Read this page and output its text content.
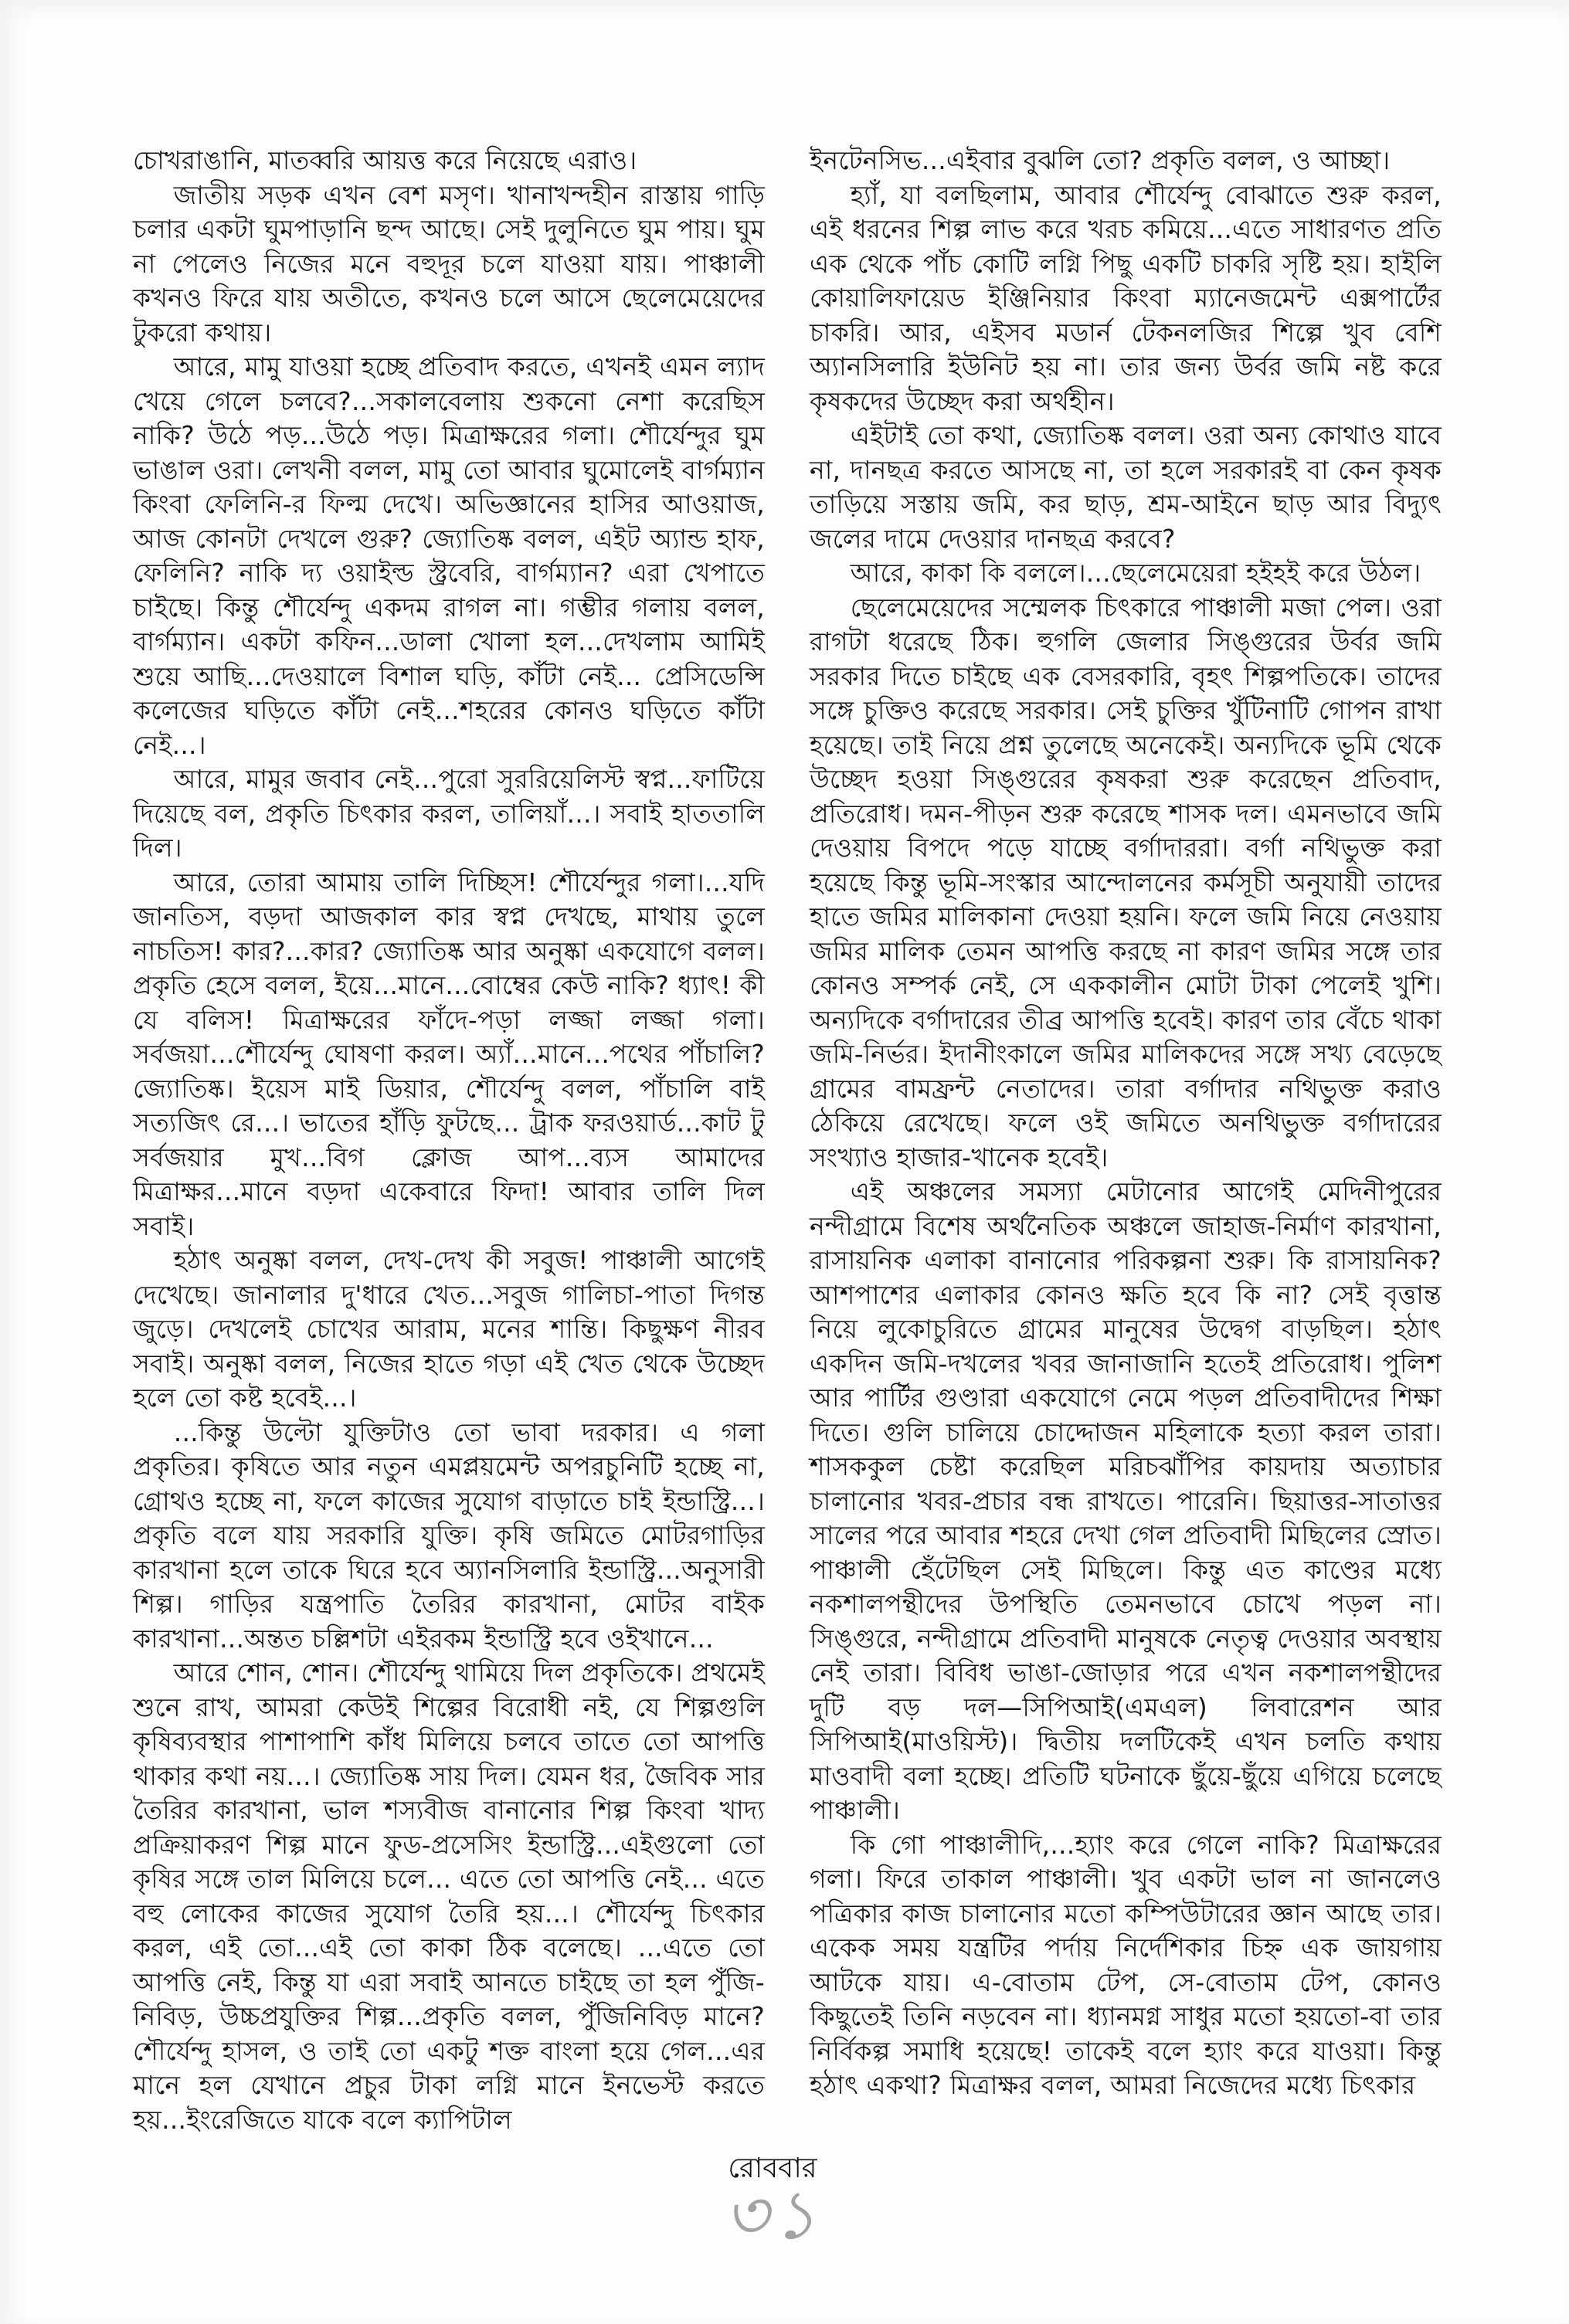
চোখরাঙানি, মাতব্বরি আয়ত্ত করে নিয়েছে এরাও।

জাতীয় সড়ক এখন বেশ মসৃণ। খানাখন্দহীন রাস্তায় গাড়ি চলার একটা ঘুমপাড়ানি ছন্দ আছে। সেই দুলুনিতে ঘুম পায়। ঘুম না পেলেও নিজের মনে বহুদূর চলে যাওয়া যায়। পাঞ্চালী কখনও ফিরে যায় অতীতে, কখনও চলে আসে ছেলেমেয়েদের টুকরো কথায়।

আরে, মামু যাওয়া হচ্ছে প্রতিবাদ করতে, এখনই এমন ল্যাদ খেয়ে গেলে চলবে?...সকালবেলায় শুকনো নেশা করেছিস নাকি? উঠে পড়...উঠে পড়। মিত্রাক্ষরের গলা। শৌর্যেন্দুর ঘুম ভাঙাল ওরা। লেখনী বলল, মামু তো আবার ঘুমোলেই বার্গম্যান কিংবা ফেলিনি-র ফিল্ম দেখে। অভিজ্ঞানের হাসির আওয়াজ, আজ কোনটা দেখলে গুরু? জ্যোতিষ্ক বলল, এইট অ্যান্ড হাফ, ফেলিনি? নাকি দ্য ওয়াইল্ড স্ট্রবেরি, বার্গম্যান? এরা খেপাতে চাইছে। কিন্তু শৌর্যেন্দু একদম রাগল না। গম্ভীর গলায় বলল, বার্গম্যান। একটা কফিন...ডালা খোলা হল...দেখলাম আমিই শুয়ে আছি...দেওয়ালে বিশাল ঘড়ি, কাঁটা নেই... প্রেসিডেন্সি কলেজের ঘড়িতে কাঁটা নেই...শহরের কোনও ঘড়িতে কাঁটা নেই...।

আরে, মামুর জবাব নেই...পুরো সুররিয়েলিস্ট স্বপ্ন...ফাটিয়ে দিয়েছে বল, প্রকৃতি চিৎকার করল, তালিয়াঁ...। সবাই হাততালি দিল।

আরে, তোরা আমায় তালি দিচ্ছিস! শৌর্যেন্দুর গলা।...যদি জানতিস, বড়দা আজকাল কার স্বপ্ন দেখছে, মাথায় তুলে নাচতিস! কার?...কার? জ্যোতিষ্ক আর অনুষ্কা একযোগে বলল। প্রকৃতি হেসে বলল, ইয়ে...মানে...বোম্বের কেউ নাকি? ধ্যাৎ! কী যে বলিস! মিত্রাক্ষরের ফাঁদে-পড়া লজ্জা লজ্জা গলা। সর্বজয়া...শৌর্যেন্দু ঘোষণা করল। অ্যাঁ...মানে...পথের পাঁচালি? জ্যোতিষ্ক। ইয়েস মাই ডিয়ার, শৌর্যেন্দু বলল, পাঁচালি বাই সত্যজিৎ রে...। ভাতের হাঁড়ি ফুটছে... ট্রাক ফরওয়ার্ড...কাট টু সর্বজয়ার মুখ...বিগ ক্লোজ আপ...ব্যস আমাদের মিত্রাক্ষর...মানে বড়দা একেবারে ফিদা! আবার তালি দিল সবাই।

হঠাৎ অনুষ্কা বলল, দেখ-দেখ কী সবুজ! পাঞ্চালী আগেই দেখেছে। জানালার দু'ধারে খেত...সবুজ গালিচা-পাতা দিগন্ত জুড়ে। দেখলেই চোখের আরাম, মনের শান্তি। কিছুক্ষণ নীরব সবাই। অনুষ্কা বলল, নিজের হাতে গড়া এই খেত থেকে উচ্ছেদ হলে তো কষ্ট হবেই...।

...কিন্তু উল্টো যুক্তিটাও তো ভাবা দরকার। এ গলা প্রকৃতির। কৃষিতে আর নতুন এমপ্লয়মেন্ট অপরচুনিটি হচ্ছে না, গ্রোথও হচ্ছে না, ফলে কাজের সুযোগ বাড়াতে চাই ইন্ডাস্ট্রি...। প্রকৃতি বলে যায় সরকারি যুক্তি। কৃষি জমিতে মোটরগাড়ির কারখানা হলে তাকে ঘিরে হবে অ্যানসিলারি ইন্ডাস্ট্রি...অনুসারী শিল্প। গাড়ির যন্ত্রপাতি তৈরির কারখানা, মোটর বাইক কারখানা...অন্তত চল্লিশটা এইরকম ইন্ডাস্ট্রি হবে ওইখানে...

আরে শোন, শোন। শৌর্যেন্দু থামিয়ে দিল প্রকৃতিকে। প্রথমেই শুনে রাখ, আমরা কেউই শিল্পের বিরোধী নই, যে শিল্পগুলি কৃষিব্যবস্থার পাশাপাশি কাঁধ মিলিয়ে চলবে তাতে তো আপত্তি থাকার কথা নয়...। জ্যোতিষ্ক সায় দিল। যেমন ধর, জৈবিক সার তৈরির কারখানা, ভাল শস্যবীজ বানানোর শিল্প কিংবা খাদ্য প্রক্রিয়াকরণ শিল্প মানে ফুড-প্রসেসিং ইন্ডাস্ট্রি...এইগুলো তো কৃষির সঙ্গে তাল মিলিয়ে চলে... এতে তো আপত্তি নেই... এতে বহু লোকের কাজের সুযোগ তৈরি হয়...। শৌর্যেন্দু চিৎকার করল, এই তো...এই তো কাকা ঠিক বলেছে। ...এতে তো আপত্তি নেই, কিন্তু যা এরা সবাই আনতে চাইছে তা হল পুঁজি-নিবিড়, উচ্চপ্রযুক্তির শিল্প...প্রকৃতি বলল, পুঁজিনিবিড় মানে? শৌর্যেন্দু হাসল, ও তাই তো একটু শক্ত বাংলা হয়ে গেল...এর মানে হল যেখানে প্রচুর টাকা লগ্নি মানে ইনভেস্ট করতে হয়...ইংরেজিতে যাকে বলে ক্যাপিটাল

ইনটেনসিভ...এইবার বুঝলি তো? প্রকৃতি বলল, ও আচ্ছা।

হ্যাঁ, যা বলছিলাম, আবার শৌর্যেন্দু বোঝাতে শুরু করল, এই ধরনের শিল্প লাভ করে খরচ কমিয়ে...এতে সাধারণত প্রতি এক থেকে পাঁচ কোটি লগ্নি পিছু একটি চাকরি সৃষ্টি হয়। হাইলি কোয়ালিফায়েড ইঞ্জিনিয়ার কিংবা ম্যানেজমেন্ট এক্সপার্টের চাকরি। আর, এইসব মডার্ন টেকনলজির শিল্পে খুব বেশি অ্যানসিলারি ইউনিট হয় না। তার জন্য উর্বর জমি নষ্ট করে কৃষকদের উচ্ছেদ করা অর্থহীন।

এইটাই তো কথা, জ্যোতিষ্ক বলল। ওরা অন্য কোথাও যাবে না, দানছত্র করতে আসছে না, তা হলে সরকারই বা কেন কৃষক তাড়িয়ে সস্তায় জমি, কর ছাড়, শ্রম-আইনে ছাড় আর বিদ্যুৎ জলের দামে দেওয়ার দানছত্র করবে?

আরে, কাকা কি বললে।...ছেলেমেয়েরা হইহই করে উঠল।

ছেলেমেয়েদের সম্মেলক চিৎকারে পাঞ্চালী মজা পেল। ওরা রাগটা ধরেছে ঠিক। হুগলি জেলার সিঙ্গুরের উর্বর জমি সরকার দিতে চাইছে এক বেসরকারি, বৃহৎ শিল্পপতিকে। তাদের সঙ্গে চুক্তিও করেছে সরকার। সেই চুক্তির খুঁটিনাটি গোপন রাখা হয়েছে। তাই নিয়ে প্রশ্ন তুলেছে অনেকেই। অন্যদিকে ভূমি থেকে উচ্ছেদ হওয়া সিঙ্গুরের কৃষকরা শুরু করেছেন প্রতিবাদ, প্রতিরোধ। দমন-পীড়ন শুরু করেছে শাসক দল। এমনভাবে জমি দেওয়ায় বিপদে পড়ে যাচ্ছে বর্গাদাররা। বর্গা নথিভুক্ত করা হয়েছে কিন্তু ভূমি-সংস্কার আন্দোলনের কর্মসূচী অনুযায়ী তাদের হাতে জমির মালিকানা দেওয়া হয়নি। ফলে জমি নিয়ে নেওয়ায় জমির মালিক তেমন আপত্তি করছে না কারণ জমির সঙ্গে তার কোনও সম্পর্ক নেই, সে এককালীন মোটা টাকা পেলেই খুশি। অন্যদিকে বর্গাদারের তীব্র আপত্তি হবেই। কারণ তার বেঁচে থাকা জমি-নির্ভর। ইদানীংকালে জমির মালিকদের সঙ্গে সখ্য বেড়েছে গ্রামের বামফ্রন্ট নেতাদের। তারা বর্গাদার নথিভুক্ত করাও ঠেকিয়ে রেখেছে। ফলে ওই জমিতে অনথিভুক্ত বর্গাদারের সংখ্যাও হাজার-খানেক হবেই।

এই অঞ্চলের সমস্যা মেটানোর আগেই মেদিনীপুরের নন্দীগ্রামে বিশেষ অর্থনৈতিক অঞ্চলে জাহাজ-নির্মাণ কারখানা, রাসায়নিক এলাকা বানানোর পরিকল্পনা শুরু। কি রাসায়নিক? আশপাশের এলাকার কোনও ক্ষতি হবে কি না? সেই বৃত্তান্ত নিয়ে লুকোচুরিতে গ্রামের মানুষের উদ্বেগ বাড়ছিল। হঠাৎ একদিন জমি-দখলের খবর জানাজানি হতেই প্রতিরোধ। পুলিশ আর পার্টির গুণ্ডারা একযোগে নেমে পড়ল প্রতিবাদীদের শিক্ষা দিতে। গুলি চালিয়ে চোদ্দোজন মহিলাকে হত্যা করল তারা। শাসককুল চেষ্টা করেছিল মরিচঝাঁপির কায়দায় অত্যাচার চালানোর খবর-প্রচার বন্ধ রাখতে। পারেনি। ছিয়াত্তর-সাতাত্তর সালের পরে আবার শহরে দেখা গেল প্রতিবাদী মিছিলের স্রোত। পাঞ্চালী হেঁটেছিল সেই মিছিলে। কিন্তু এত কাণ্ডের মধ্যে নকশালপন্থীদের উপস্থিতি তেমনভাবে চোখে পড়ল না। সিঙ্গুরে, নন্দীগ্রামে প্রতিবাদী মানুষকে নেতৃত্ব দেওয়ার অবস্থায় নেই তারা। বিবিধ ভাঙা-জোড়ার পরে এখন নকশালপন্থীদের দুটি বড় দল—সিপিআই(এমএল) লিবারেশন আর সিপিআই(মাওয়িস্ট)। দ্বিতীয় দলটিকেই এখন চলতি কথায় মাওবাদী বলা হচ্ছে। প্রতিটি ঘটনাকে ছুঁয়ে-ছুঁয়ে এগিয়ে চলেছে পাঞ্চালী।

কি গো পাঞ্চালীদি,...হ্যাং করে গেলে নাকি? মিত্রাক্ষরের গলা। ফিরে তাকাল পাঞ্চালী। খুব একটা ভাল না জানলেও পত্রিকার কাজ চালানোর মতো কম্পিউটারের জ্ঞান আছে তার। একেক সময় যন্ত্রটির পর্দায় নির্দেশিকার চিহ্ন এক জায়গায় আটকে যায়। এ-বোতাম টেপ, সে-বোতাম টেপ, কোনও কিছুতেই তিনি নড়বেন না। ধ্যানমগ্ন সাধুর মতো হয়তো-বা তার নির্বিকল্প সমাধি হয়েছে! তাকেই বলে হ্যাং করে যাওয়া। কিন্তু হঠাৎ একথা? মিত্রাক্ষর বলল, আমরা নিজেদের মধ্যে চিৎকার

রোববার
৩১
